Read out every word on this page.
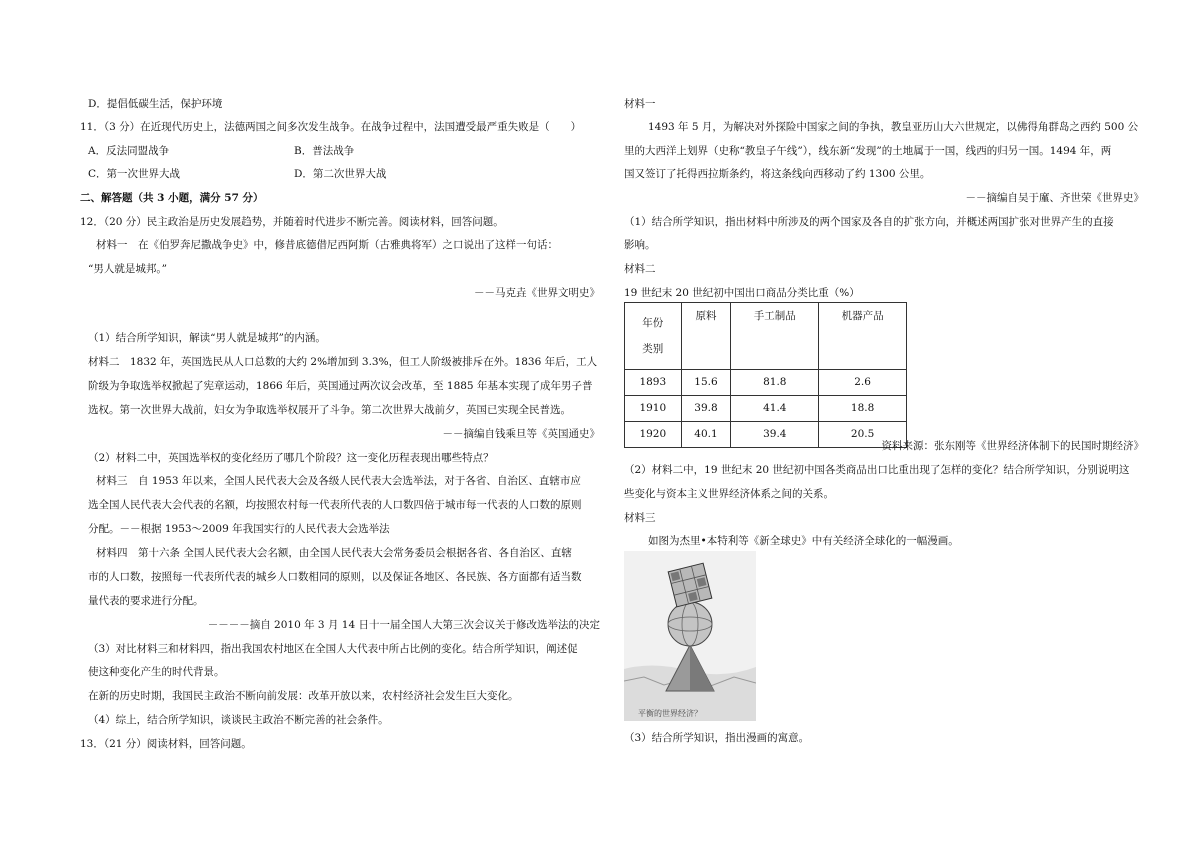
D．提倡低碳生活，保护环境
11．（3 分）在近现代历史上，法德两国之间多次发生战争。在战争过程中，法国遭受最严重失败是（　　）
A．反法同盟战争	B．普法战争
C．第一次世界大战	D．第二次世界大战
二、解答题（共 3 小题，满分 57 分）
12．（20 分）民主政治是历史发展趋势，并随着时代进步不断完善。阅读材料，回答问题。
材料一　在《伯罗奔尼撒战争史》中，修昔底德借尼西阿斯（古雅典将军）之口说出了这样一句话：
“男人就是城邦。”
－－马克垚《世界文明史》
（1）结合所学知识，解读“男人就是城邦”的内涵。
材料二　1832 年，英国选民从人口总数的大约 2%增加到 3.3%，但工人阶级被排斥在外。1836 年后，工人
阶级为争取选举权掀起了宪章运动，1866 年后，英国通过两次议会改革，至 1885 年基本实现了成年男子普
选权。第一次世界大战前，妇女为争取选举权展开了斗争。第二次世界大战前夕，英国已实现全民普选。
－－摘编自钱乘旦等《英国通史》
（2）材料二中，英国选举权的变化经历了哪几个阶段？这一变化历程表现出哪些特点？
材料三　自 1953 年以来，全国人民代表大会及各级人民代表大会选举法，对于各省、自治区、直辖市应
选全国人民代表大会代表的名额，均按照农村每一代表所代表的人口数四倍于城市每一代表的人口数的原则
分配。－－根据 1953～2009 年我国实行的人民代表大会选举法
材料四　第十六条 全国人民代表大会名额，由全国人民代表大会常务委员会根据各省、各自治区、直辖
市的人口数，按照每一代表所代表的城乡人口数相同的原则，以及保证各地区、各民族、各方面都有适当数
量代表的要求进行分配。
－－－－摘自 2010 年 3 月 14 日十一届全国人大第三次会议关于修改选举法的决定
（3）对比材料三和材料四，指出我国农村地区在全国人大代表中所占比例的变化。结合所学知识，阐述促
使这种变化产生的时代背景。
在新的历史时期，我国民主政治不断向前发展：改革开放以来，农村经济社会发生巨大变化。
（4）综上，结合所学知识，谈谈民主政治不断完善的社会条件。
13．（21 分）阅读材料，回答问题。
材料一
1493 年 5 月，为解决对外探险中国家之间的争执，教皇亚历山大六世规定，以佛得角群岛之西约 500 公
里的大西洋上划界（史称“教皇子午线”），线东新“发现”的土地属于一国，线西的归另一国。1494 年，两
国又签订了托得西拉斯条约，将这条线向西移动了约 1300 公里。
－－摘编自吴于廑、齐世荣《世界史》
（1）结合所学知识，指出材料中所涉及的两个国家及各自的扩张方向，并概述两国扩张对世界产生的直接
影响。
材料二
19 世纪末 20 世纪初中国出口商品分类比重（%）
年份
类别	原料	手工制品	机器产品
1893	15.6	81.8	2.6
1910	39.8	41.4	18.8
1920	40.1	39.4	20.5
资料来源：张东刚等《世界经济体制下的民国时期经济》
（2）材料二中，19 世纪末 20 世纪初中国各类商品出口比重出现了怎样的变化？结合所学知识，分别说明这
些变化与资本主义世界经济体系之间的关系。
材料三
如图为杰里•本特利等《新全球史》中有关经济全球化的一幅漫画。
平衡的世界经济？
（3）结合所学知识，指出漫画的寓意。
